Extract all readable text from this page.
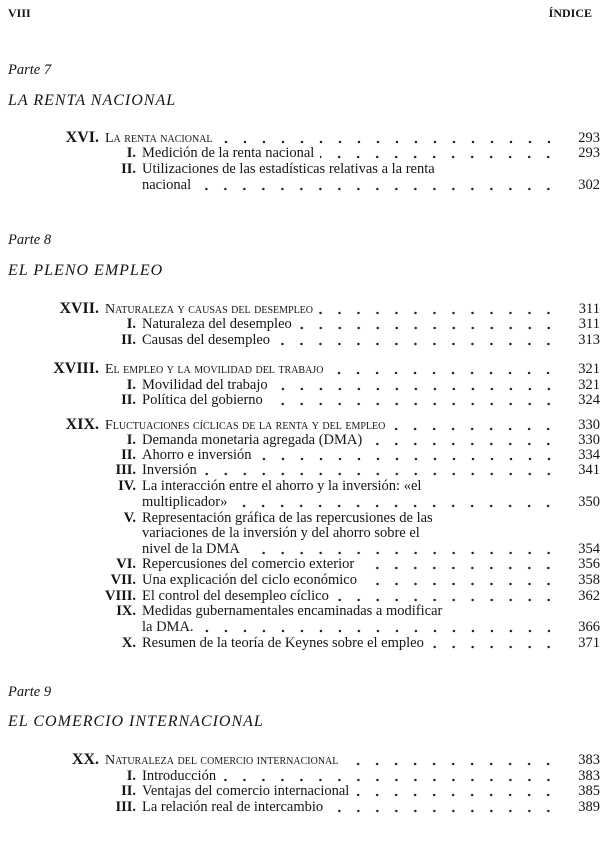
VIII	ÍNDICE
Parte 7
LA RENTA NACIONAL
XVI. La renta nacional	293
I. Medición de la renta nacional	293
II. Utilizaciones de las estadísticas relativas a la renta
nacional	302
Parte 8
EL PLENO EMPLEO
XVII. Naturaleza y causas del desempleo	311
I. Naturaleza del desempleo	311
II. Causas del desempleo	313
XVIII. El empleo y la movilidad del trabajo	321
I. Movilidad del trabajo	321
II. Política del gobierno	324
XIX. Fluctuaciones cíclicas de la renta y del empleo	330
I. Demanda monetaria agregada (DMA)	330
II. Ahorro e inversión	334
III. Inversión	341
IV. La interacción entre el ahorro y la inversión: «el
multiplicador»	350
V. Representación gráfica de las repercusiones de las
variaciones de la inversión y del ahorro sobre el
nivel de la DMA	354
VI. Repercusiones del comercio exterior	356
VII. Una explicación del ciclo económico	358
VIII. El control del desempleo cíclico	362
IX. Medidas gubernamentales encaminadas a modificar
la DMA.	366
X. Resumen de la teoría de Keynes sobre el empleo	371
Parte 9
EL COMERCIO INTERNACIONAL
XX. Naturaleza del comercio internacional	383
I. Introducción	383
II. Ventajas del comercio internacional	385
III. La relación real de intercambio	389
